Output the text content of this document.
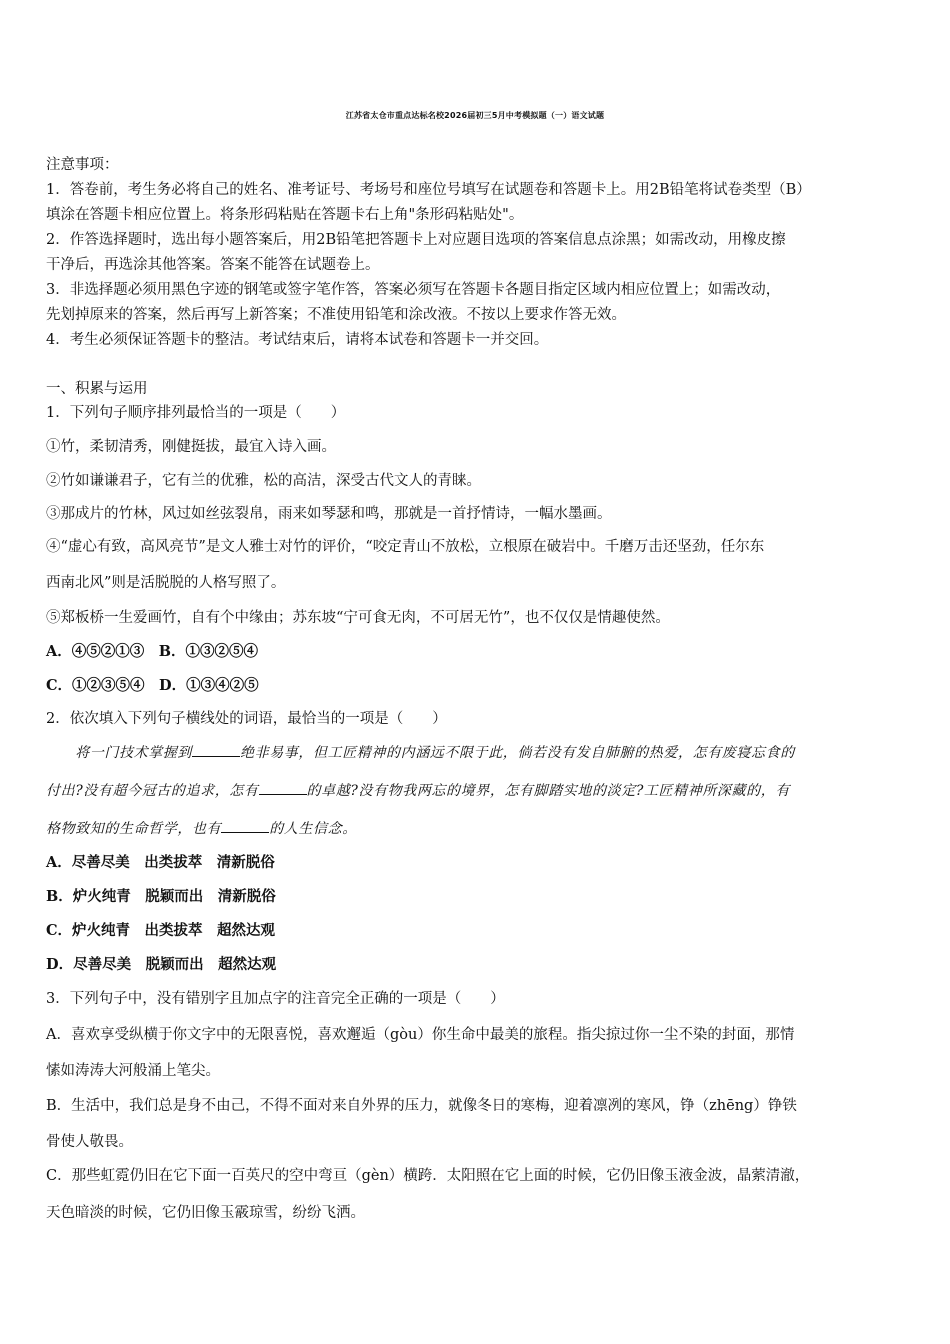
江苏省太仓市重点达标名校2026届初三5月中考模拟题（一）语文试题
注意事项：
1．答卷前，考生务必将自己的姓名、准考证号、考场号和座位号填写在试题卷和答题卡上。用2B铅笔将试卷类型（B）
填涂在答题卡相应位置上。将条形码粘贴在答题卡右上角"条形码粘贴处"。
2．作答选择题时，选出每小题答案后，用2B铅笔把答题卡上对应题目选项的答案信息点涂黑；如需改动，用橡皮擦
干净后，再选涂其他答案。答案不能答在试题卷上。
3．非选择题必须用黑色字迹的钢笔或签字笔作答，答案必须写在答题卡各题目指定区域内相应位置上；如需改动，
先划掉原来的答案，然后再写上新答案；不准使用铅笔和涂改液。不按以上要求作答无效。
4．考生必须保证答题卡的整洁。考试结束后，请将本试卷和答题卡一并交回。
一、积累与运用
1．下列句子顺序排列最恰当的一项是（　　）
①竹，柔韧清秀，刚健挺拔，最宜入诗入画。
②竹如谦谦君子，它有兰的优雅，松的高洁，深受古代文人的青睐。
③那成片的竹林，风过如丝弦裂帛，雨来如琴瑟和鸣，那就是一首抒情诗，一幅水墨画。
④“虚心有致，高风亮节”是文人雅士对竹的评价，“咬定青山不放松，立根原在破岩中。千磨万击还坚劲，任尔东
西南北风”则是活脱脱的人格写照了。
⑤郑板桥一生爱画竹，自有个中缘由；苏东坡“宁可食无肉，不可居无竹”，也不仅仅是情趣使然。
A．④⑤②①③　B．①③②⑤④
C．①②③⑤④　D．①③④②⑤
2．依次填入下列句子横线处的词语，最恰当的一项是（　　）
　　将一门技术掌握到	绝非易事，但工匠精神的内涵远不限于此，倘若没有发自肺腑的热爱，怎有废寝忘食的
付出?没有超今冠古的追求，怎有	的卓越?没有物我两忘的境界，怎有脚踏实地的淡定?工匠精神所深藏的，有
格物致知的生命哲学，也有	的人生信念。
A．尽善尽美　出类拔萃　清新脱俗
B．炉火纯青　脱颖而出　清新脱俗
C．炉火纯青　出类拔萃　超然达观
D．尽善尽美　脱颖而出　超然达观
3．下列句子中，没有错别字且加点字的注音完全正确的一项是（　　）
A．喜欢享受纵横于你文字中的无限喜悦，喜欢邂逅（gòu）你生命中最美的旅程。指尖掠过你一尘不染的封面，那情
愫如涛涛大河般涌上笔尖。
B．生活中，我们总是身不由己，不得不面对来自外界的压力，就像冬日的寒梅，迎着凛冽的寒风，铮（zhēng）铮铁
骨使人敬畏。
C．那些虹霓仍旧在它下面一百英尺的空中弯亘（gèn）横跨．太阳照在它上面的时候，它仍旧像玉液金波，晶萦清澈，
天色暗淡的时候，它仍旧像玉霰琼雪，纷纷飞洒。
